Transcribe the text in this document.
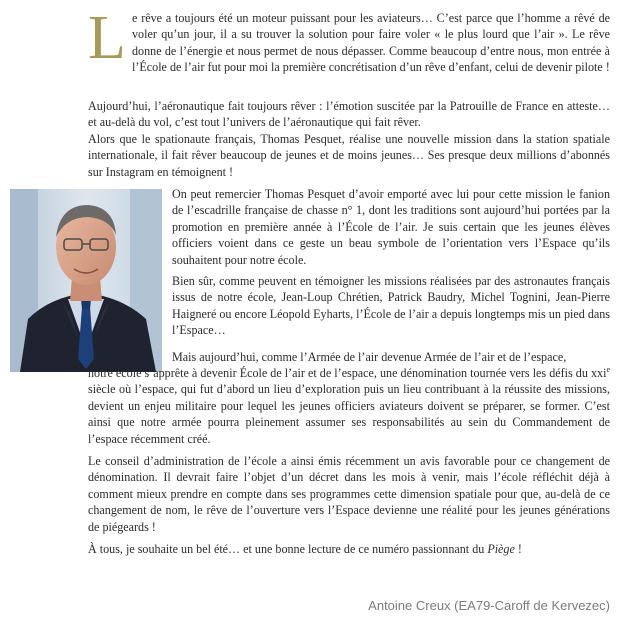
Le rêve a toujours été un moteur puissant pour les aviateurs… C’est parce que l’homme a rêvé de voler qu’un jour, il a su trouver la solution pour faire voler « le plus lourd que l’air ». Le rêve donne de l’énergie et nous permet de nous dépasser. Comme beaucoup d’entre nous, mon entrée à l’École de l’air fut pour moi la première concrétisation d’un rêve d’enfant, celui de devenir pilote !

Aujourd’hui, l’aéronautique fait toujours rêver : l’émotion suscitée par la Patrouille de France en atteste… et au-delà du vol, c’est tout l’univers de l’aéronautique qui fait rêver.

Alors que le spationaute français, Thomas Pesquet, réalise une nouvelle mission dans la station spatiale internationale, il fait rêver beaucoup de jeunes et de moins jeunes… Ses presque deux millions d’abonnés sur Instagram en témoignent !

On peut remercier Thomas Pesquet d’avoir emporté avec lui pour cette mission le fanion de l’escadrille française de chasse n° 1, dont les traditions sont aujourd’hui portées par la promotion en première année à l’École de l’air. Je suis certain que les jeunes élèves officiers voient dans ce geste un beau symbole de l’orientation vers l’Espace qu’ils souhaitent pour notre école.

Bien sûr, comme peuvent en témoigner les missions réalisées par des astronautes français issus de notre école, Jean-Loup Chrétien, Patrick Baudry, Michel Tognini, Jean-Pierre Haigneré ou encore Léopold Eyharts, l’École de l’air a depuis longtemps mis un pied dans l’Espace…

Mais aujourd’hui, comme l’Armée de l’air devenue Armée de l’air et de l’espace,

notre école s’apprête à devenir École de l’air et de l’espace, une dénomination tournée vers les défis du xxi$^e$ siècle où l’espace, qui fut d’abord un lieu d’exploration puis un lieu contribuant à la réussite des missions, devient un enjeu militaire pour lequel les jeunes officiers aviateurs doivent se préparer, se former. C’est ainsi que notre armée pourra pleinement assumer ses responsabilités au sein du Commandement de l’espace récemment créé.

Le conseil d’administration de l’école a ainsi émis récemment un avis favorable pour ce changement de dénomination. Il devrait faire l’objet d’un décret dans les mois à venir, mais l’école réfléchit déjà à comment mieux prendre en compte dans ses programmes cette dimension spatiale pour que, au-delà de ce changement de nom, le rêve de l’ouverture vers l’Espace devienne une réalité pour les jeunes générations de piégeards !

À tous, je souhaite un bel été… et une bonne lecture de ce numéro passionnant du Piège !

Antoine Creux (EA79-Caroff de Kervezec)
